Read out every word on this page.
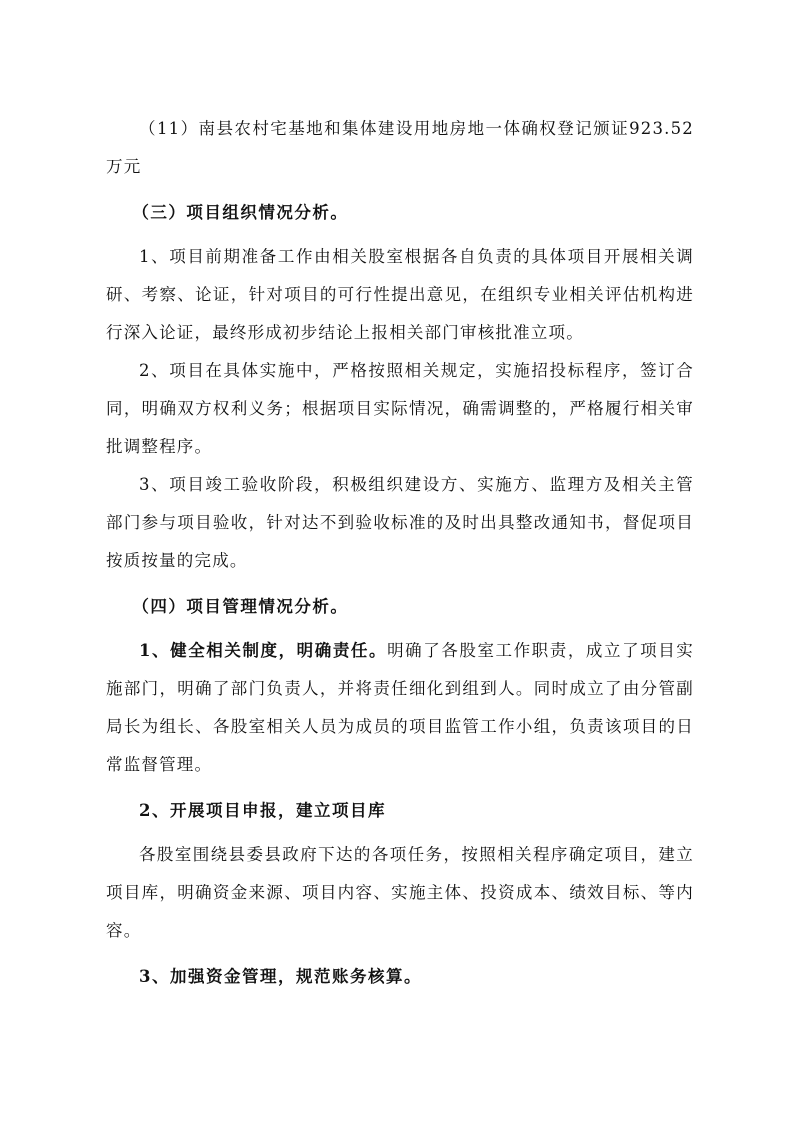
（11）南县农村宅基地和集体建设用地房地一体确权登记颁证923.52万元

（三）项目组织情况分析。

1、项目前期准备工作由相关股室根据各自负责的具体项目开展相关调研、考察、论证，针对项目的可行性提出意见，在组织专业相关评估机构进行深入论证，最终形成初步结论上报相关部门审核批准立项。

2、项目在具体实施中，严格按照相关规定，实施招投标程序，签订合同，明确双方权利义务；根据项目实际情况，确需调整的，严格履行相关审批调整程序。

3、项目竣工验收阶段，积极组织建设方、实施方、监理方及相关主管部门参与项目验收，针对达不到验收标准的及时出具整改通知书，督促项目按质按量的完成。

（四）项目管理情况分析。

1、健全相关制度，明确责任。明确了各股室工作职责，成立了项目实施部门，明确了部门负责人，并将责任细化到组到人。同时成立了由分管副局长为组长、各股室相关人员为成员的项目监管工作小组，负责该项目的日常监督管理。

2、开展项目申报，建立项目库

各股室围绕县委县政府下达的各项任务，按照相关程序确定项目，建立项目库，明确资金来源、项目内容、实施主体、投资成本、绩效目标、等内容。

3、加强资金管理，规范账务核算。
